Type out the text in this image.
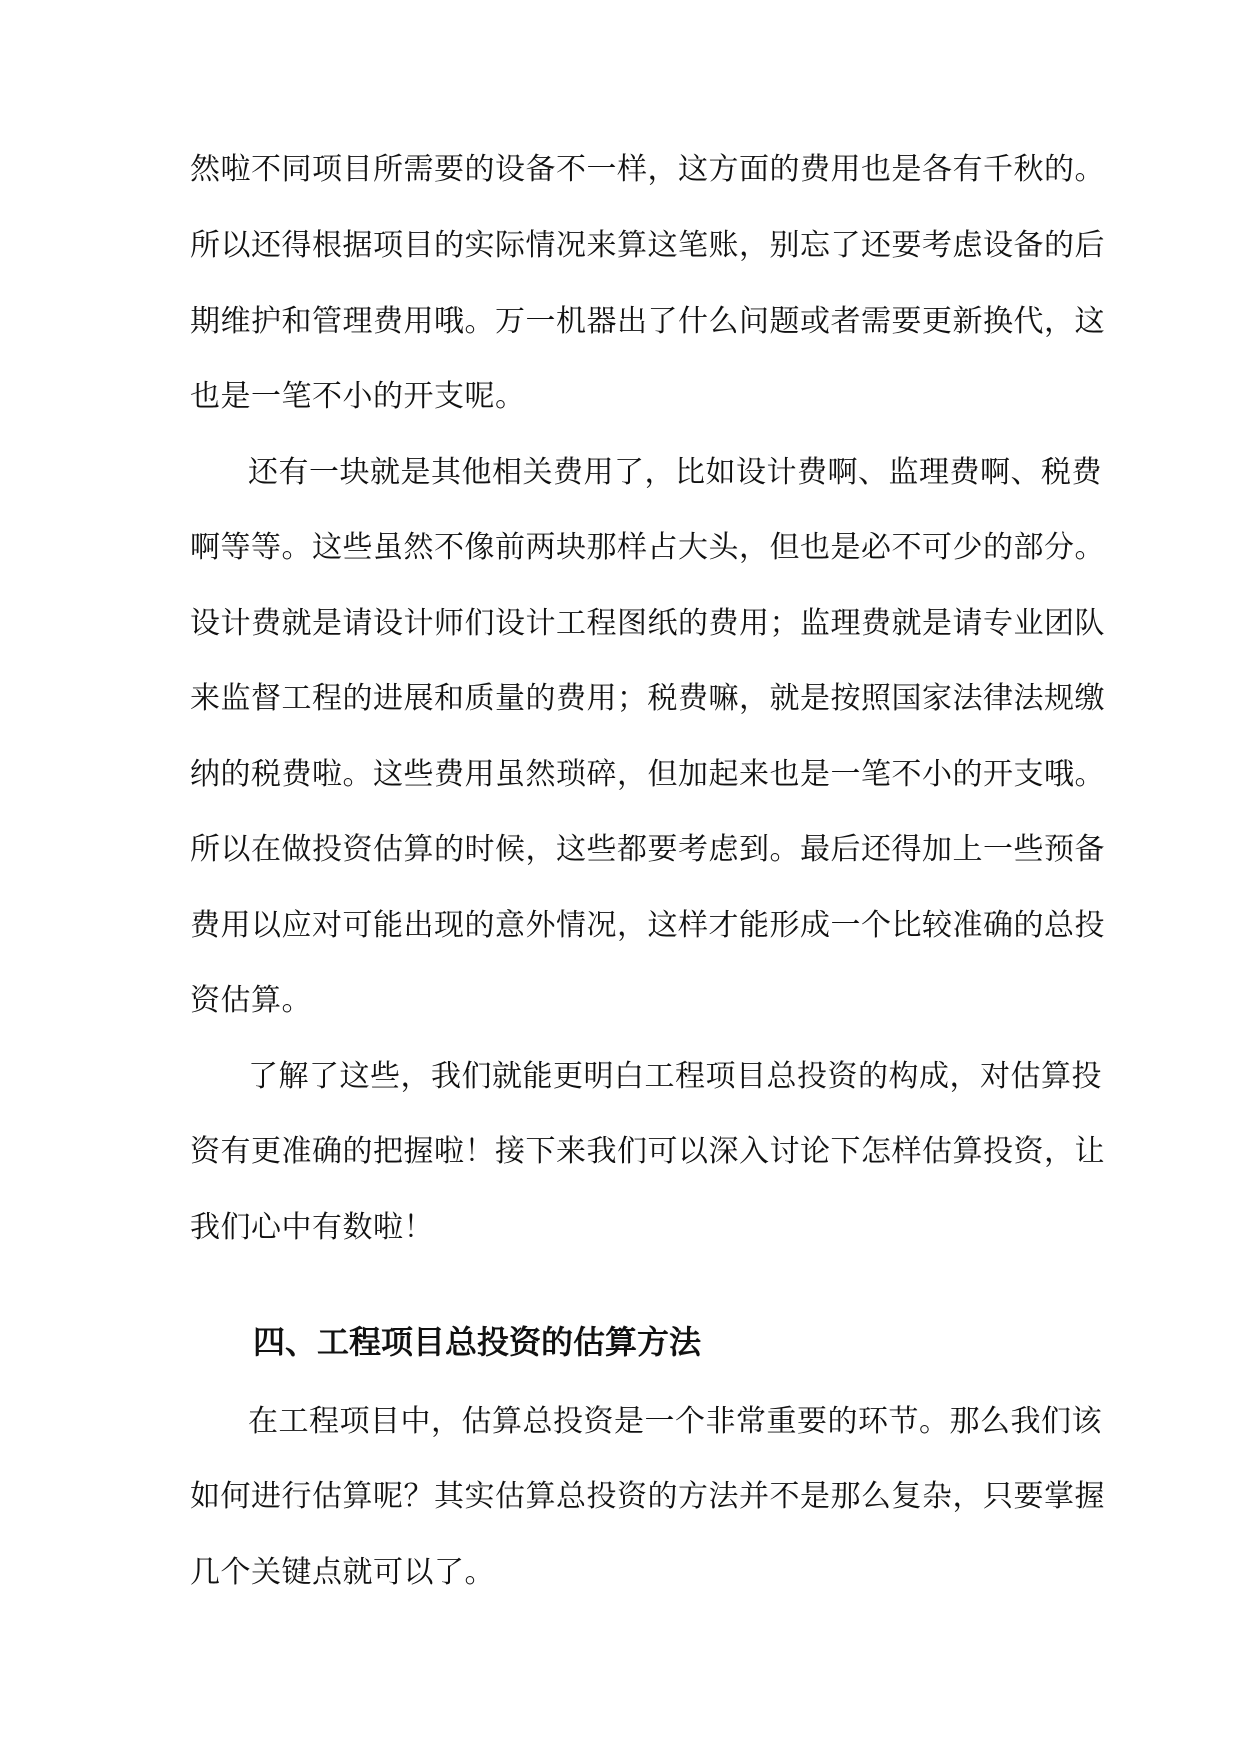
然啦不同项目所需要的设备不一样，这方面的费用也是各有千秋的。
所以还得根据项目的实际情况来算这笔账，别忘了还要考虑设备的后
期维护和管理费用哦。万一机器出了什么问题或者需要更新换代，这
也是一笔不小的开支呢。
还有一块就是其他相关费用了，比如设计费啊、监理费啊、税费
啊等等。这些虽然不像前两块那样占大头，但也是必不可少的部分。
设计费就是请设计师们设计工程图纸的费用；监理费就是请专业团队
来监督工程的进展和质量的费用；税费嘛，就是按照国家法律法规缴
纳的税费啦。这些费用虽然琐碎，但加起来也是一笔不小的开支哦。
所以在做投资估算的时候，这些都要考虑到。最后还得加上一些预备
费用以应对可能出现的意外情况，这样才能形成一个比较准确的总投
资估算。
了解了这些，我们就能更明白工程项目总投资的构成，对估算投
资有更准确的把握啦！接下来我们可以深入讨论下怎样估算投资，让
我们心中有数啦！
四、工程项目总投资的估算方法
在工程项目中，估算总投资是一个非常重要的环节。那么我们该
如何进行估算呢？其实估算总投资的方法并不是那么复杂，只要掌握
几个关键点就可以了。
